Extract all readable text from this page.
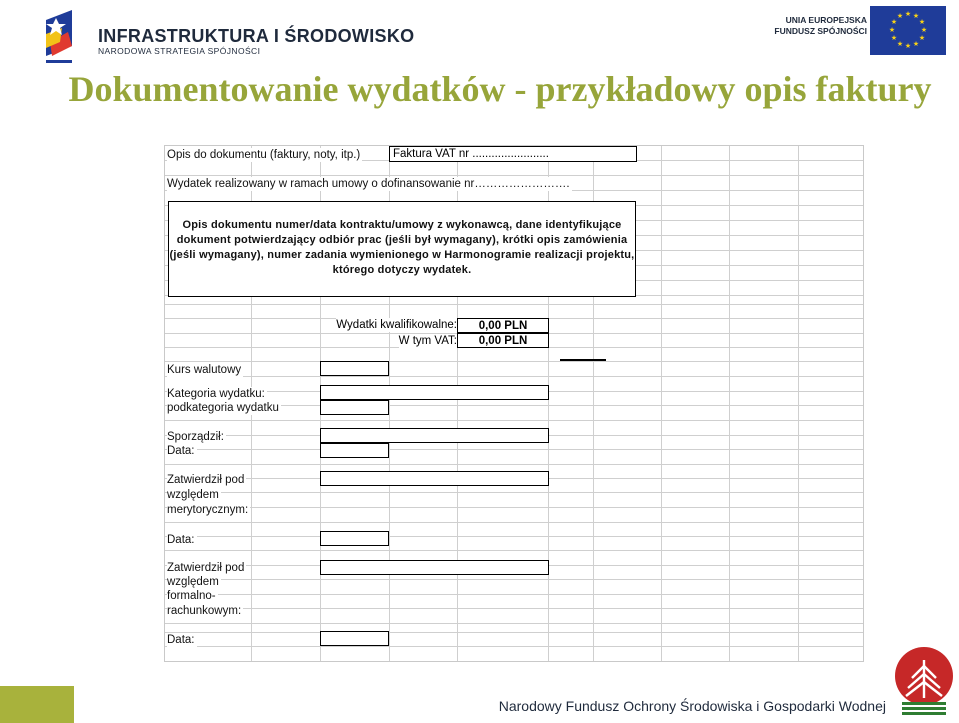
INFRASTRUKTURA I ŚRODOWISKO
NARODOWA STRATEGIA SPÓJNOŚCI
UNIA EUROPEJSKA
FUNDUSZ SPÓJNOŚCI
★ ★
★
★
★
★
★
★
★
★
★
★
Dokumentowanie wydatków - przykładowy opis faktury
Opis do dokumentu (faktury, noty, itp.)	Faktura VAT nr ........................
Wydatek realizowany w ramach umowy o dofinansowanie nr…………………….
Opis dokumentu numer/data kontraktu/umowy z wykonawcą, dane identyfikujące dokument potwierdzający odbiór prac (jeśli był wymagany), krótki opis zamówienia (jeśli wymagany), numer zadania wymienionego w Harmonogramie realizacji projektu, którego dotyczy wydatek.
Wydatki kwalifikowalne:	0,00 PLN
W tym VAT:	0,00 PLN
Kurs walutowy
Kategoria wydatku:
podkategoria wydatku
Sporządził:
Data:
Zatwierdził pod
względem
merytorycznym:
Data:
Zatwierdził pod
względem
formalno-
rachunkowym:
Data:
Narodowy Fundusz Ochrony Środowiska i Gospodarki Wodnej
